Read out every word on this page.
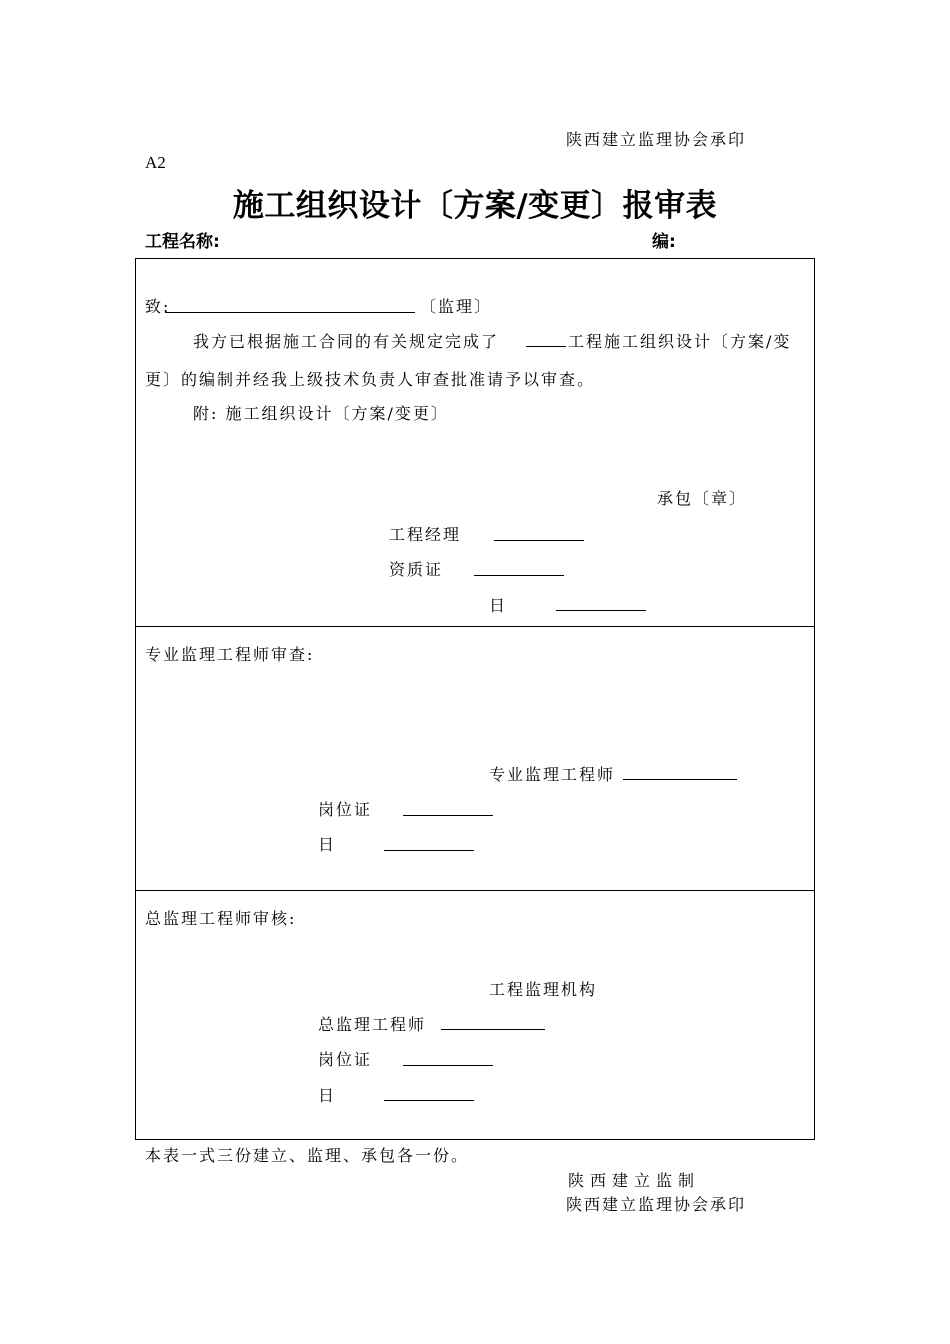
陕西建立监理协会承印
A2
施工组织设计〔方案/变更〕报审表
工程名称:	编:
致:	〔监理〕
我方已根据施工合同的有关规定完成了	工程施工组织设计〔方案/变
更〕的编制并经我上级技术负责人审查批准请予以审查。
附: 施工组织设计〔方案/变更〕
承包〔章〕
工程经理
资质证
日
专业监理工程师审查:
专业监理工程师
岗位证
日
总监理工程师审核:
工程监理机构
总监理工程师
岗位证
日
本表一式三份建立、监理、承包各一份。
陕西建立监制
陕西建立监理协会承印
